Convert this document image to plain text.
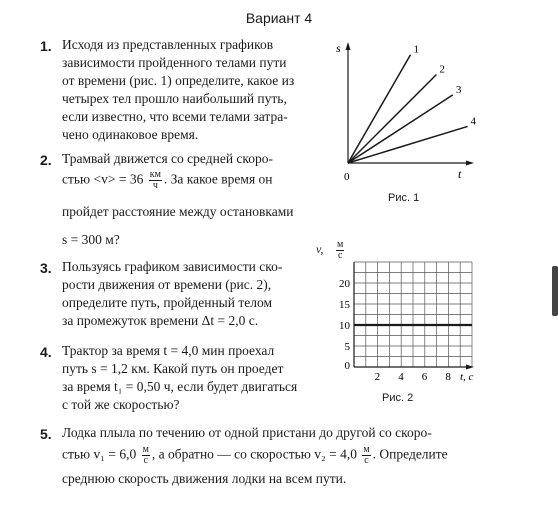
Вариант 4
1. Исходя из представленных графиков
зависимости пройденного телами пути
от времени (рис. 1) определите, какое из
четырех тел прошло наибольший путь,
если известно, что всеми телами затра-
чено одинаковое время.
2. Трамвай движется со средней скоро-
стью $<v> = 36 \frac{км}{ч}$ . За какое время он
пройдет расстояние между остановками
s = 300 м?
3. Пользуясь графиком зависимости ско-
рости движения от времени (рис. 2),
определите путь, пройденный телом
за промежуток времени Δt = 2,0 с.
4. Трактор за время t = 4,0 мин проехал
путь s = 1,2 км. Какой путь он проедет
за время t₁ = 0,50 ч, если будет двигаться
с той же скоростью?
5. Лодка плыла по течению от одной пристани до другой со скоро-
стью $v_1 = 6,0 \frac{м}{с}$ , а обратно — со скоростью $v_2 = 4,0 \frac{м}{с}$ . Определите
среднюю скорость движения лодки на всем пути.
s
t
0
1
2
3
4
Рис. 1
v, м
с
2 4 6 8
5
10
15
20
0
t, с
Рис. 2
